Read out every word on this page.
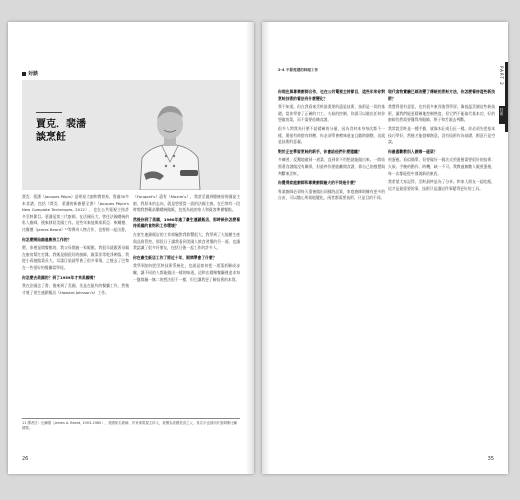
対談
賈克．裴潘
談烹飪

賈克．裴潘（Jacques Pépin）是明星大廚和教育家，寫過30多本食譜，包括《賈克．裴潘的新廚藝全書》（Jacques Pépin's New Complete Techniques, 2012），也在公共電視主持許多烹飪節目。裴潘是第三代廚師，在法國長大，曾任法國總統的私人廚師，後來移居美國工作。這些年來他與茱莉亞．柴爾德、比爾德（James Beard）¹¹等傳奇人物合作，也曾經一起出書。

你怎麼開始踏進廚房工作的？

嗯，家裡是開餐館的，我父母開過一家飯館，我很早就跟著母親在廚房幫忙打雜。我媽是個很好的廚師，做菜非常乾淨俐落，我從小看她做菜長大，耳濡目染就學會了很多事情，之後去了巴黎在一些很好的餐廳當學徒。

你怎麼去美國的？到了1959年才來美國嗎？

我在法國念了書，後來到了美國，先是在紐約的餐廳工作，然後才進了豪生連鎖飯店（Howard Johnson's）工作。

（Fouquet's）還有（Maxim's），我甚至做到總統府的國宴主廚，我原本的志向，就是想要當一流的法國主廚。在巴黎有一段時間我替戴高樂總統做飯，包括為他的家人和賓客準備餐點。

然後你到了美國，1960年進了豪生連鎖飯店，那時候你怎麼看待美國的食物和工作環境？

在豪生連鎖飯店的工作經驗對我影響很大，我學到了大規模生產與品質管控。那段日子讓我看到美國人飲食習慣的另一面，也讓我認識了很多好朋友，包括日後一起工作的許多人。

你在豪生飯店工作了將近十年，期間學會了什麼？

我學到如何把烹飪技術系統化，也就是如何把一道菜拆解成步驟，讓不同的人都能做出一樣的味道。這和在精緻餐廳裡追求每一盤都獨一無二的想法很不一樣，但它讓我更了解技術的本質。

11 譯者註：比爾德（James A. Beard, 1903–1985），美國知名廚師、作家與電視主持人，被譽為美國美食之父，其名字也被用於詹姆斯比爾德獎。
26
2-4 不靠食譜的料理工作	PART 2
技術

你現在與專業廚師合作，也在公共電視主持節目，這些年來你對烹飪技術的看法有什麼變化？

我不知道。但在我看來烹飪最重要的還是技術，技術是一切的基礎。當你學會了正確的刀工、火候的控制，你就可以做出任何你想做的菜，而不需要依賴食譜。

很多人問我為什麼不給精確的分量，因為食材本身每次都不一樣，番茄有時甜有時酸，你必須學會嚐味道並且隨時調整，這就是技術的意義。

對於正在學習烹飪的新手，你會給他們什麼建議？

多練習，反覆地做同一道菜，直到你不用想就能做出來。一開始照著食譜做沒有關係，但最終你要能離開食譜，靠自己的感覺與判斷來烹飪。

你覺得家庭廚師和專業廚師最大的不同是什麼？

專業廚師必須每天重複做出同樣的品質，家庭廚師則擁有更多的自由，可以隨心所欲地變化。兩者都需要技術，只是目的不同。

現代食物實驗已經改變了傳統的烹飪方法，你怎麼看待這些新技術？

我覺得很有意思，也有很多東西值得學習。像低溫烹調這些新技術，讓我們能更精確地控制熟度，但它們不能取代基本功，好的廚師仍然需要懂得用眼睛、鼻子和舌頭去判斷。

我常說烹飪是一種手藝，就像木匠或石匠一樣。你必須先把基本技巧學好，然後才能發揮創意。沒有技術作為基礎，創意只是空談。

你最喜歡教別人做哪一道菜？

煎蛋捲。看似簡單，但要做好一個法式煎蛋捲需要很好的技術：火候、手腕的動作、時機，缺一不可。我教過無數人做煎蛋捲，每一次都能從中發現新的東西。

我希望大家記得，烹飪最終是為了分享。和家人朋友一起吃飯，這才是最重要的事，技術只是讓這件事變得更好的工具。

35
